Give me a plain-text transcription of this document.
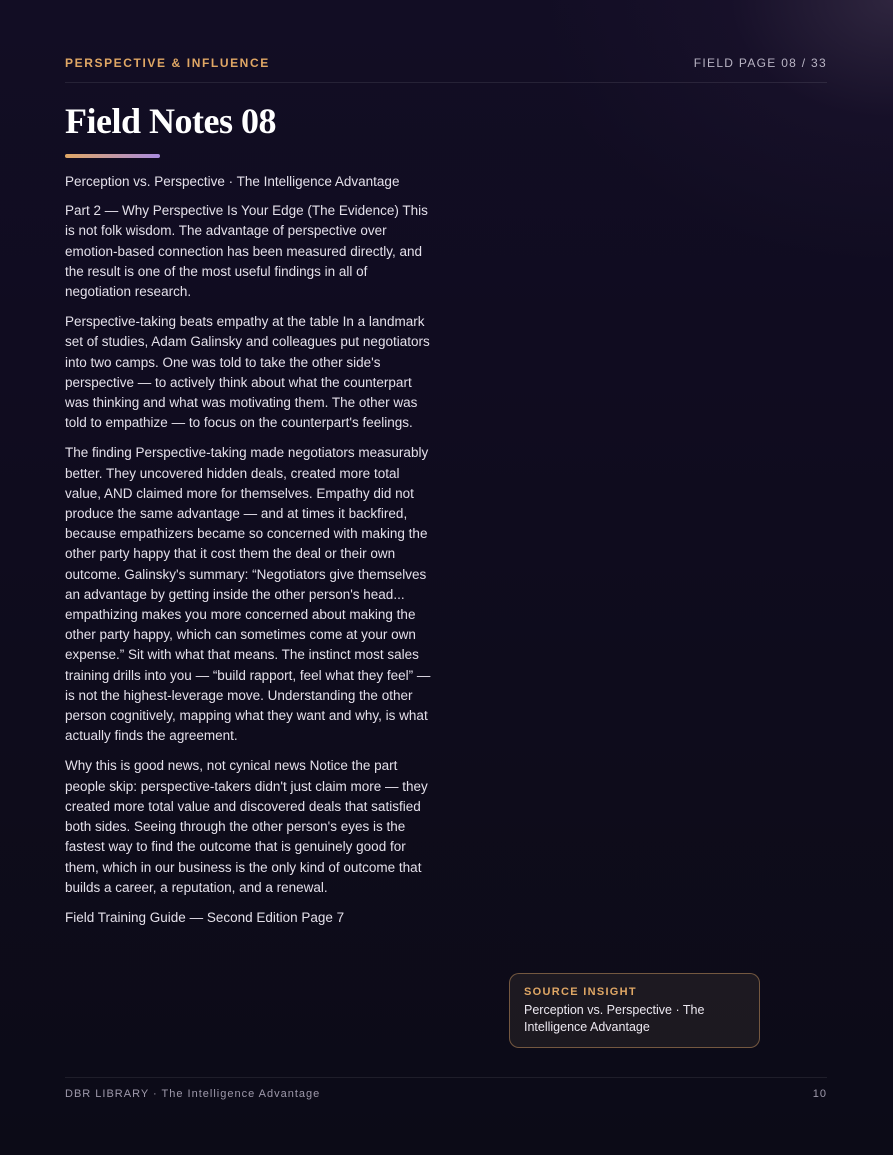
PERSPECTIVE & INFLUENCE	FIELD PAGE 08 / 33
Field Notes 08

Perception vs. Perspective · The Intelligence Advantage

Part 2 — Why Perspective Is Your Edge (The Evidence) This is not folk wisdom. The advantage of perspective over emotion-based connection has been measured directly, and the result is one of the most useful findings in all of negotiation research.

Perspective-taking beats empathy at the table In a landmark set of studies, Adam Galinsky and colleagues put negotiators into two camps. One was told to take the other side's perspective — to actively think about what the counterpart was thinking and what was motivating them. The other was told to empathize — to focus on the counterpart's feelings.

The finding Perspective-taking made negotiators measurably better. They uncovered hidden deals, created more total value, AND claimed more for themselves. Empathy did not produce the same advantage — and at times it backfired, because empathizers became so concerned with making the other party happy that it cost them the deal or their own outcome. Galinsky's summary: “Negotiators give themselves an advantage by getting inside the other person's head... empathizing makes you more concerned about making the other party happy, which can sometimes come at your own expense.” Sit with what that means. The instinct most sales training drills into you — “build rapport, feel what they feel” — is not the highest-leverage move. Understanding the other person cognitively, mapping what they want and why, is what actually finds the agreement.

Why this is good news, not cynical news Notice the part people skip: perspective-takers didn't just claim more — they created more total value and discovered deals that satisfied both sides. Seeing through the other person's eyes is the fastest way to find the outcome that is genuinely good for them, which in our business is the only kind of outcome that builds a career, a reputation, and a renewal.

Field Training Guide — Second Edition Page 7

SOURCE INSIGHT
Perception vs. Perspective · The Intelligence Advantage
DBR LIBRARY · The Intelligence Advantage	10
